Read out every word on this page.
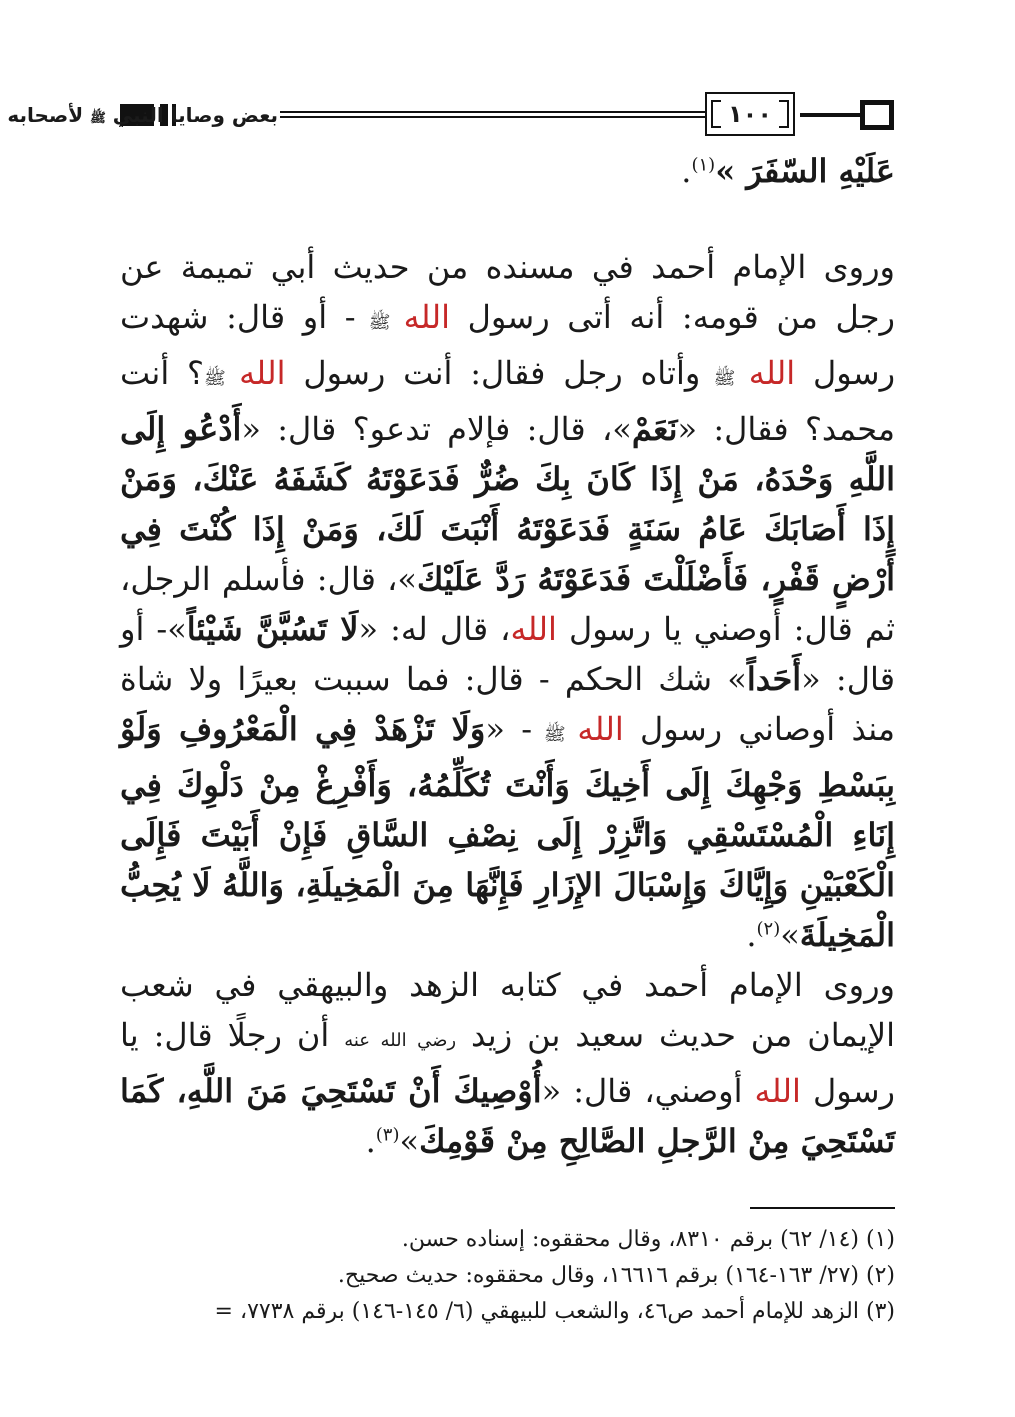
بعض وصايا النبي ﷺ لأصحابه	١٠٠
عَلَيْهِ السّفَرَ »$^{(١)}$.
وروى الإمام أحمد في مسنده من حديث أبي تميمة عن رجل من قومه: أنه أتى رسول الله ﷺ - أو قال: شهدت رسول الله ﷺ وأتاه رجل فقال: أنت رسول الله ﷺ؟ أنت محمد؟ فقال: «نَعَمْ»، قال: فإلام تدعو؟ قال: «أَدْعُو إِلَى اللَّهِ وَحْدَهُ، مَنْ إِذَا كَانَ بِكَ ضُرٌّ فَدَعَوْتَهُ كَشَفَهُ عَنْكَ، وَمَنْ إِذَا أَصَابَكَ عَامُ سَنَةٍ فَدَعَوْتَهُ أَنْبَتَ لَكَ، وَمَنْ إِذَا كُنْتَ فِي أَرْضٍ قَفْرٍ، فَأَضْلَلْتَ فَدَعَوْتَهُ رَدَّ عَلَيْكَ»، قال: فأسلم الرجل، ثم قال: أوصني يا رسول الله، قال له: «لَا تَسُبَّنَّ شَيْئاً»- أو قال: «أَحَداً» شك الحكم - قال: فما سببت بعيرًا ولا شاة منذ أوصاني رسول الله ﷺ - «وَلَا تَزْهَدْ فِي الْمَعْرُوفِ وَلَوْ بِبَسْطِ وَجْهِكَ إِلَى أَخِيكَ وَأَنْتَ تُكَلِّمُهُ، وَأَفْرِغْ مِنْ دَلْوِكَ فِي إِنَاءِ الْمُسْتَسْقِي وَاتَّزِرْ إِلَى نِصْفِ السَّاقِ فَإِنْ أَبَيْتَ فَإِلَى الْكَعْبَيْنِ وَإِيَّاكَ وَإِسْبَالَ الإِزَارِ فَإِنَّهَا مِنَ الْمَخِيلَةِ، وَاللَّهُ لَا يُحِبُّ الْمَخِيلَةَ»$^{(٢)}$.
وروى الإمام أحمد في كتابه الزهد والبيهقي في شعب الإيمان من حديث سعيد بن زيد رضي الله عنه أن رجلًا قال: يا رسول الله أوصني، قال: «أُوْصِيكَ أَنْ تَسْتَحِيَ مَنَ اللَّهِ، كَمَا تَسْتَحِيَ مِنْ الرَّجلِ الصَّالِحِ مِنْ قَوْمِكَ»$^{(٣)}$.

(١) (١٤/ ٦٢) برقم ٨٣١٠، وقال محققوه: إسناده حسن.

(٢) (٢٧/ ١٦٣-١٦٤) برقم ١٦٦١٦، وقال محققوه: حديث صحيح.

(٣) الزهد للإمام أحمد ص٤٦، والشعب للبيهقي (٦/ ١٤٥-١٤٦) برقم ٧٧٣٨، =
